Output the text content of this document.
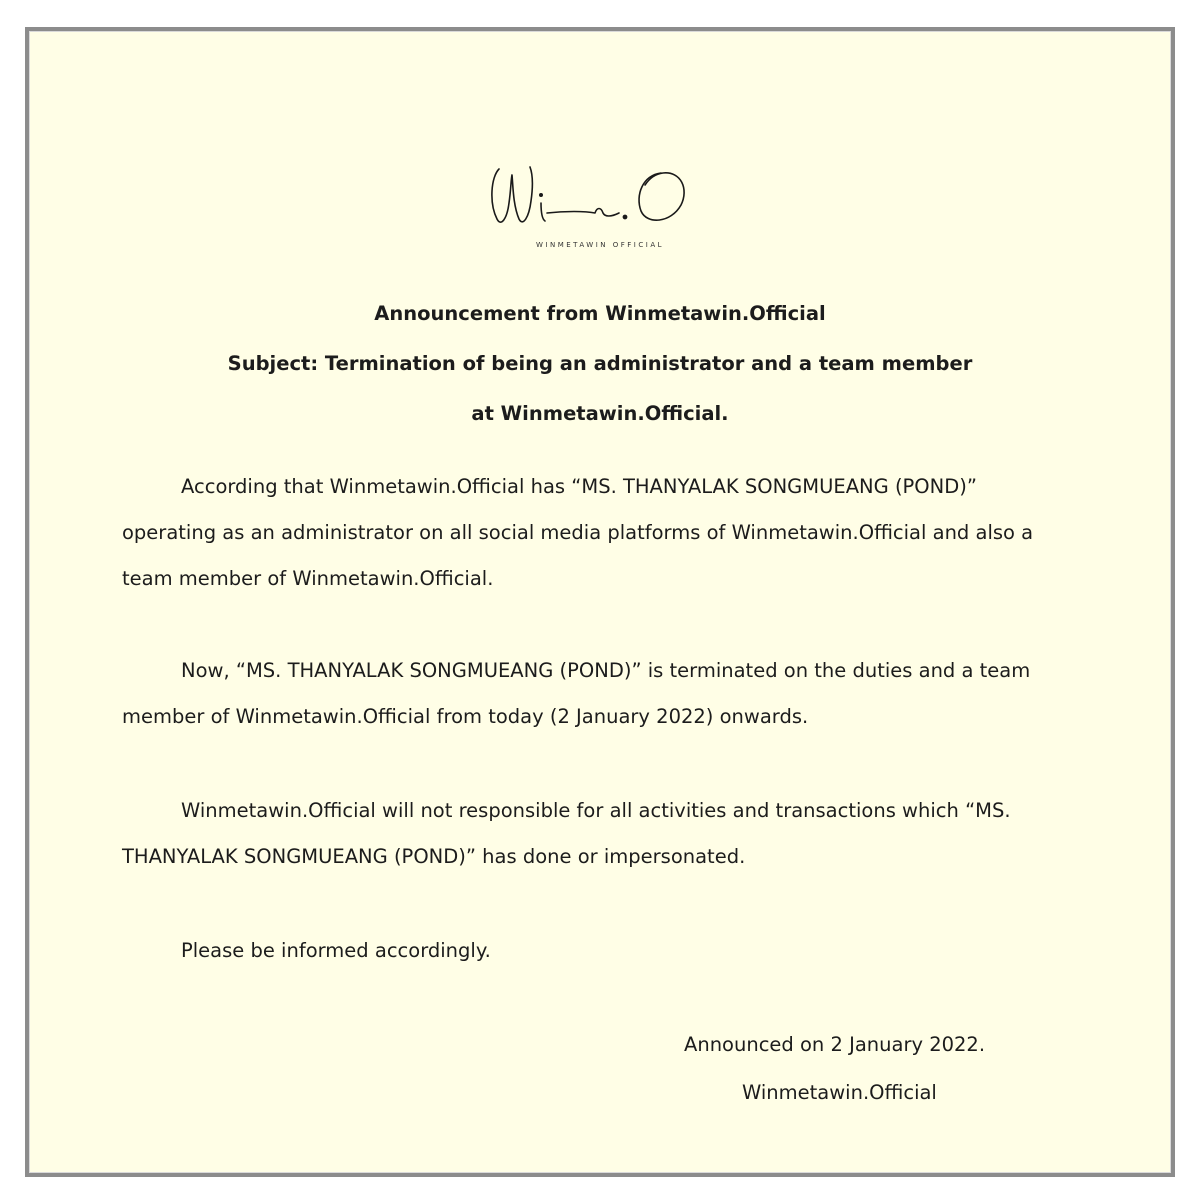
WINMETAWIN OFFICIAL
Announcement from Winmetawin.Official
Subject: Termination of being an administrator and a team member
at Winmetawin.Official.
According that Winmetawin.Official has “MS. THANYALAK SONGMUEANG (POND)”
operating as an administrator on all social media platforms of Winmetawin.Official and also a
team member of Winmetawin.Official.
Now, “MS. THANYALAK SONGMUEANG (POND)” is terminated on the duties and a team
member of Winmetawin.Official from today (2 January 2022) onwards.
Winmetawin.Official will not responsible for all activities and transactions which “MS.
THANYALAK SONGMUEANG (POND)” has done or impersonated.
Please be informed accordingly.
Announced on 2 January 2022.
Winmetawin.Official
